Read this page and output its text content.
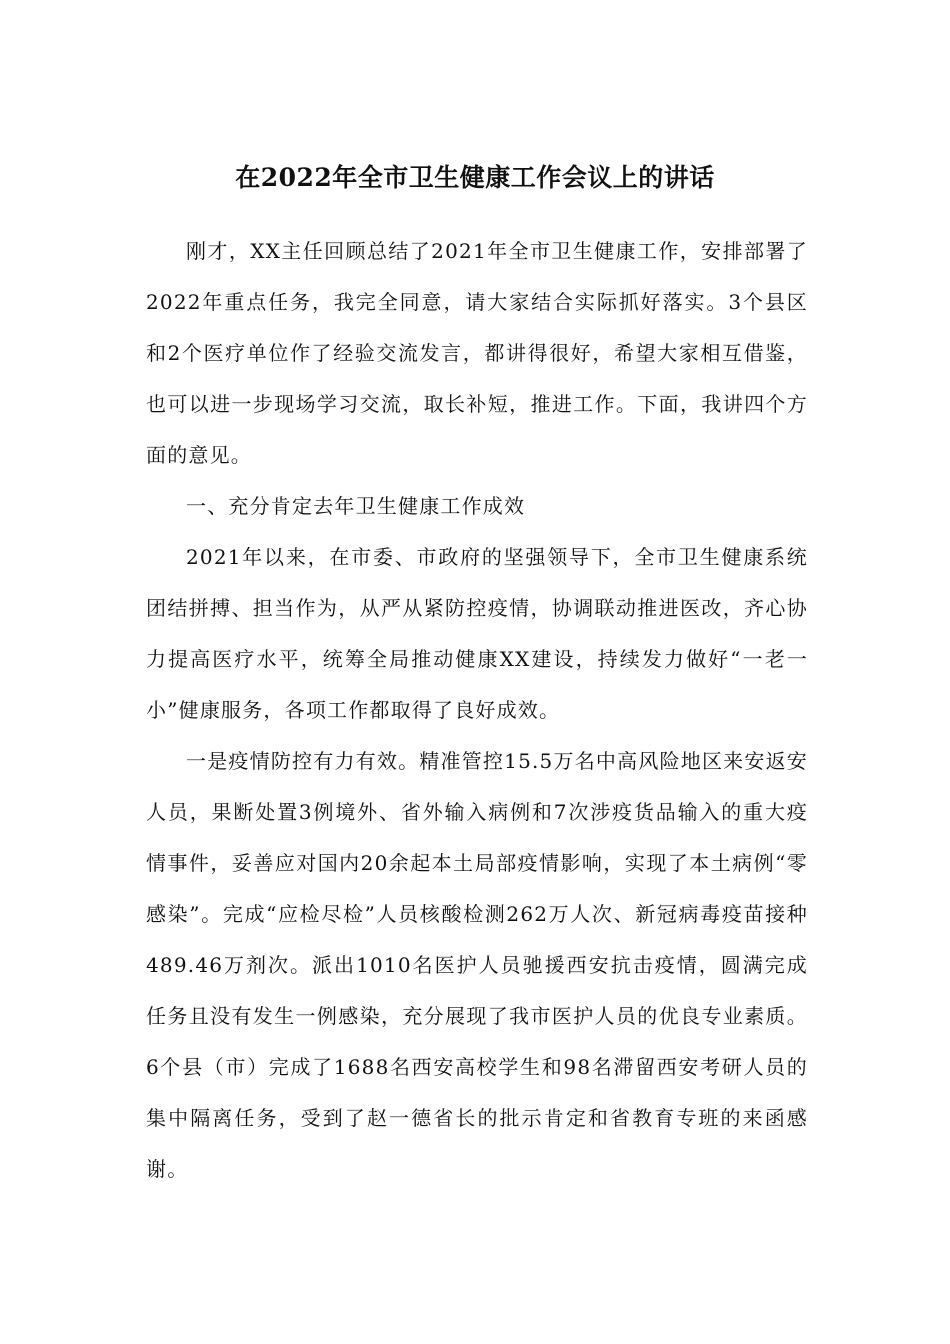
在2022年全市卫生健康工作会议上的讲话

刚才，XX主任回顾总结了2021年全市卫生健康工作，安排部署了2022年重点任务，我完全同意，请大家结合实际抓好落实。3个县区和2个医疗单位作了经验交流发言，都讲得很好，希望大家相互借鉴，也可以进一步现场学习交流，取长补短，推进工作。下面，我讲四个方面的意见。

一、充分肯定去年卫生健康工作成效

2021年以来，在市委、市政府的坚强领导下，全市卫生健康系统团结拼搏、担当作为，从严从紧防控疫情，协调联动推进医改，齐心协力提高医疗水平，统筹全局推动健康XX建设，持续发力做好“一老一小”健康服务，各项工作都取得了良好成效。

一是疫情防控有力有效。精准管控15.5万名中高风险地区来安返安人员，果断处置3例境外、省外输入病例和7次涉疫货品输入的重大疫情事件，妥善应对国内20余起本土局部疫情影响，实现了本土病例“零感染”。完成“应检尽检”人员核酸检测262万人次、新冠病毒疫苗接种489.46万剂次。派出1010名医护人员驰援西安抗击疫情，圆满完成任务且没有发生一例感染，充分展现了我市医护人员的优良专业素质。6个县（市）完成了1688名西安高校学生和98名滞留西安考研人员的集中隔离任务，受到了赵一德省长的批示肯定和省教育专班的来函感谢。
